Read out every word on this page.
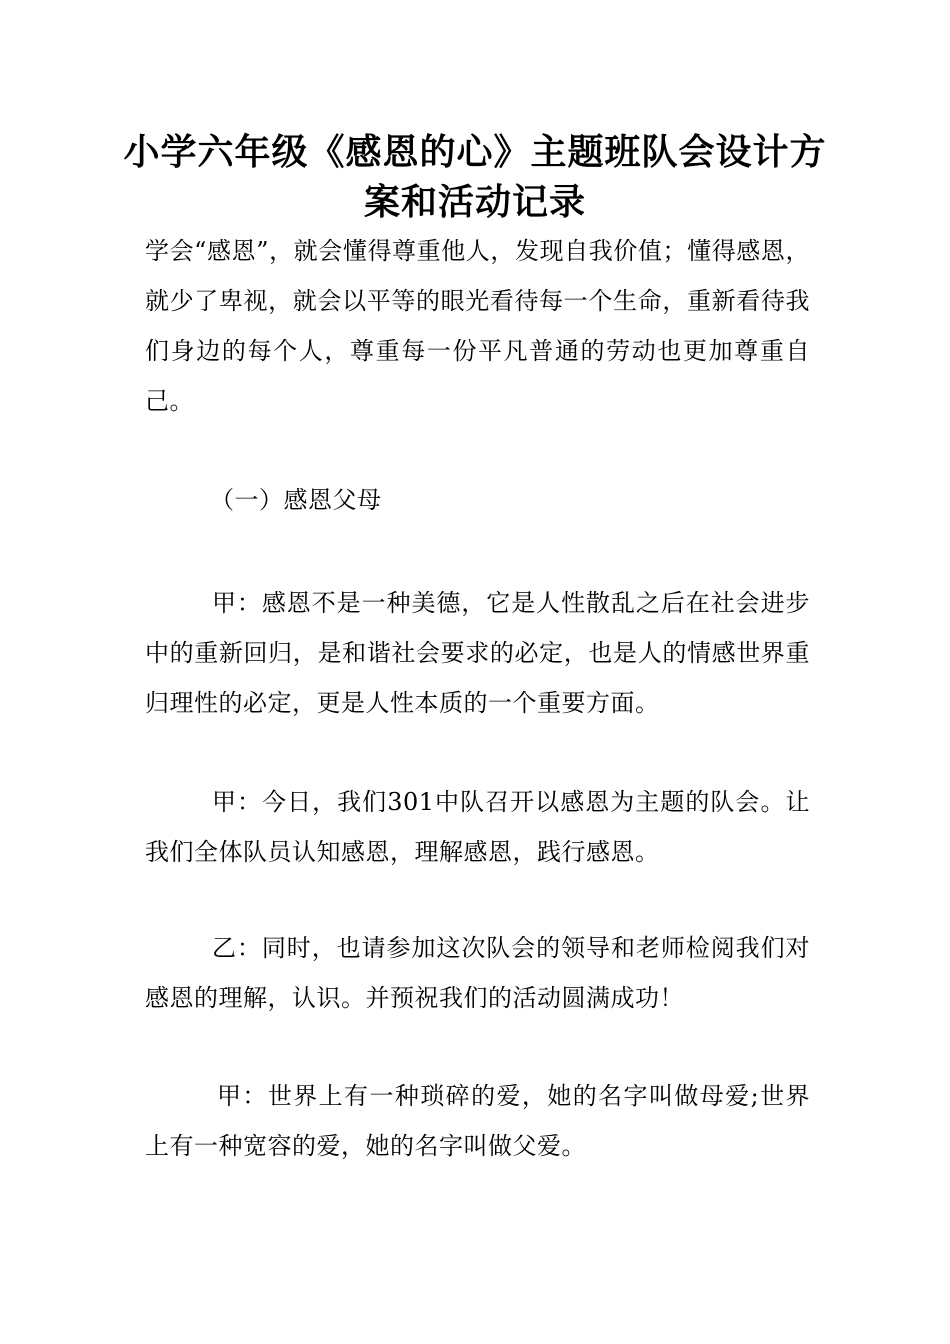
小学六年级《感恩的心》主题班队会设计方案和活动记录
学会“感恩”，就会懂得尊重他人，发现自我价值；懂得感恩，就少了卑视，就会以平等的眼光看待每一个生命，重新看待我们身边的每个人，尊重每一份平凡普通的劳动也更加尊重自己。
（一）感恩父母
甲：感恩不是一种美德，它是人性散乱之后在社会进步中的重新回归，是和谐社会要求的必定，也是人的情感世界重归理性的必定，更是人性本质的一个重要方面。
甲：今日，我们301中队召开以感恩为主题的队会。让我们全体队员认知感恩，理解感恩，践行感恩。
乙：同时，也请参加这次队会的领导和老师检阅我们对感恩的理解，认识。并预祝我们的活动圆满成功！
甲：世界上有一种琐碎的爱，她的名字叫做母爱;世界上有一种宽容的爱，她的名字叫做父爱。
